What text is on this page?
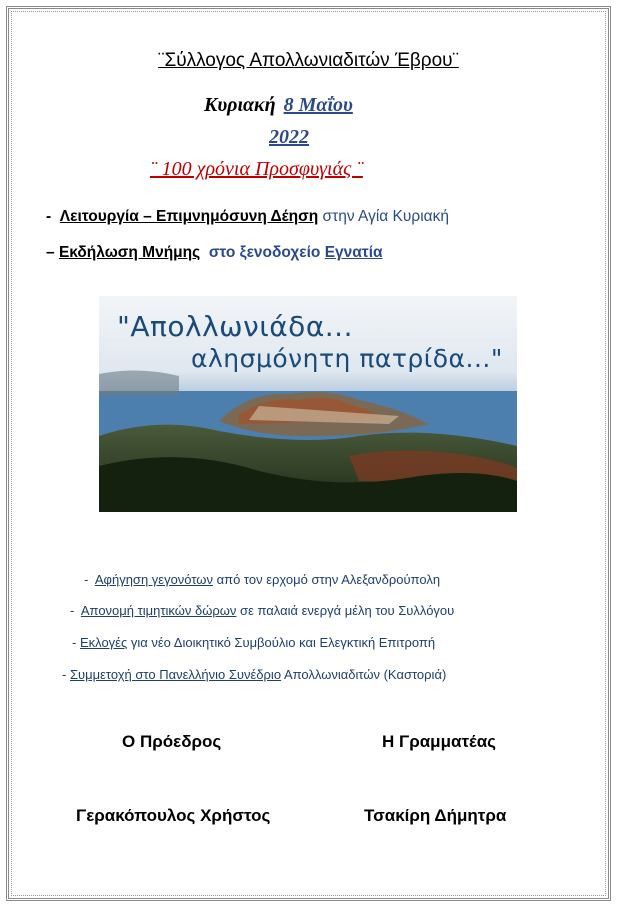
¨Σύλλογος Απολλωνιαδιτών Έβρου¨
Κυριακή 8 Μαΐου
2022
¨ 100 χρόνια Προσφυγιάς ¨
- Λειτουργία – Επιμνημόσυνη Δέηση στην Αγία Κυριακή
– Εκδήλωση Μνήμης στο ξενοδοχείο Εγνατία
"Απολλωνιάδα...
αλησμόνητη πατρίδα..."
- Αφήγηση γεγονότων από τον ερχομό στην Αλεξανδρούπολη
- Απονομή τιμητικών δώρων σε παλαιά ενεργά μέλη του Συλλόγου
- Εκλογές για νέο Διοικητικό Συμβούλιο και Ελεγκτική Επιτροπή
- Συμμετοχή στο Πανελλήνιο Συνέδριο Απολλωνιαδιτών (Καστοριά)
Ο Πρόεδρος	Η Γραμματέας
Γερακόπουλος Χρήστος	Τσακίρη Δήμητρα
